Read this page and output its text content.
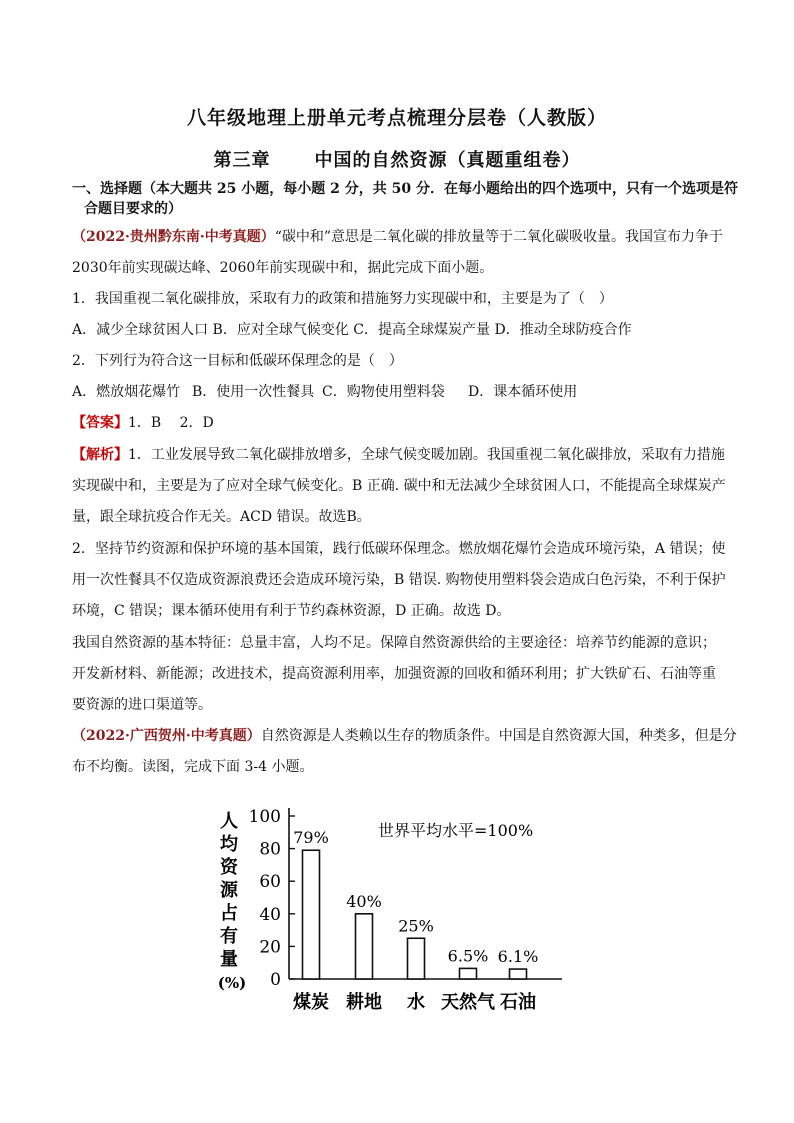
八年级地理上册单元考点梳理分层卷（人教版）
第三章 中国的自然资源（真题重组卷）
一、选择题（本大题共 25 小题，每小题 2 分，共 50 分．在每小题给出的四个选项中，只有一个选项是符
合题目要求的）
（2022·贵州黔东南·中考真题）“碳中和”意思是二氧化碳的排放量等于二氧化碳吸收量。我国宣布力争于
2030年前实现碳达峰、2060年前实现碳中和，据此完成下面小题。
1．我国重视二氧化碳排放，采取有力的政策和措施努力实现碳中和，主要是为了（　）
A．减少全球贫困人口 B．应对全球气候变化 C．提高全球煤炭产量 D．推动全球防疫合作
2．下列行为符合这一目标和低碳环保理念的是（　）
A．燃放烟花爆竹 B．使用一次性餐具 C．购物使用塑料袋 D．课本循环使用
【答案】1．B　 2．D
【解析】1．工业发展导致二氧化碳排放增多，全球气候变暖加剧。我国重视二氧化碳排放，采取有力措施
实现碳中和，主要是为了应对全球气候变化。B 正确. 碳中和无法减少全球贫困人口，不能提高全球煤炭产
量，跟全球抗疫合作无关。ACD 错误。故选B。
2．坚持节约资源和保护环境的基本国策，践行低碳环保理念。燃放烟花爆竹会造成环境污染，A 错误；使
用一次性餐具不仅造成资源浪费还会造成环境污染，B 错误. 购物使用塑料袋会造成白色污染，不利于保护
环境，C 错误；课本循环使用有利于节约森林资源，D 正确。故选 D。
我国自然资源的基本特征：总量丰富，人均不足。保障自然资源供给的主要途径：培养节约能源的意识；
开发新材料、新能源；改进技术，提高资源利用率，加强资源的回收和循环利用；扩大铁矿石、石油等重
要资源的进口渠道等。
（2022·广西贺州·中考真题）自然资源是人类赖以生存的物质条件。中国是自然资源大国，种类多，但是分
布不均衡。读图，完成下面 3-4 小题。
0
20
40
60
80
100
人
均
资
源
占
有
量
(%)
79%
煤炭
40%
耕地
25%
水
6.5%
天然气
6.1%
石油
世界平均水平=100%
